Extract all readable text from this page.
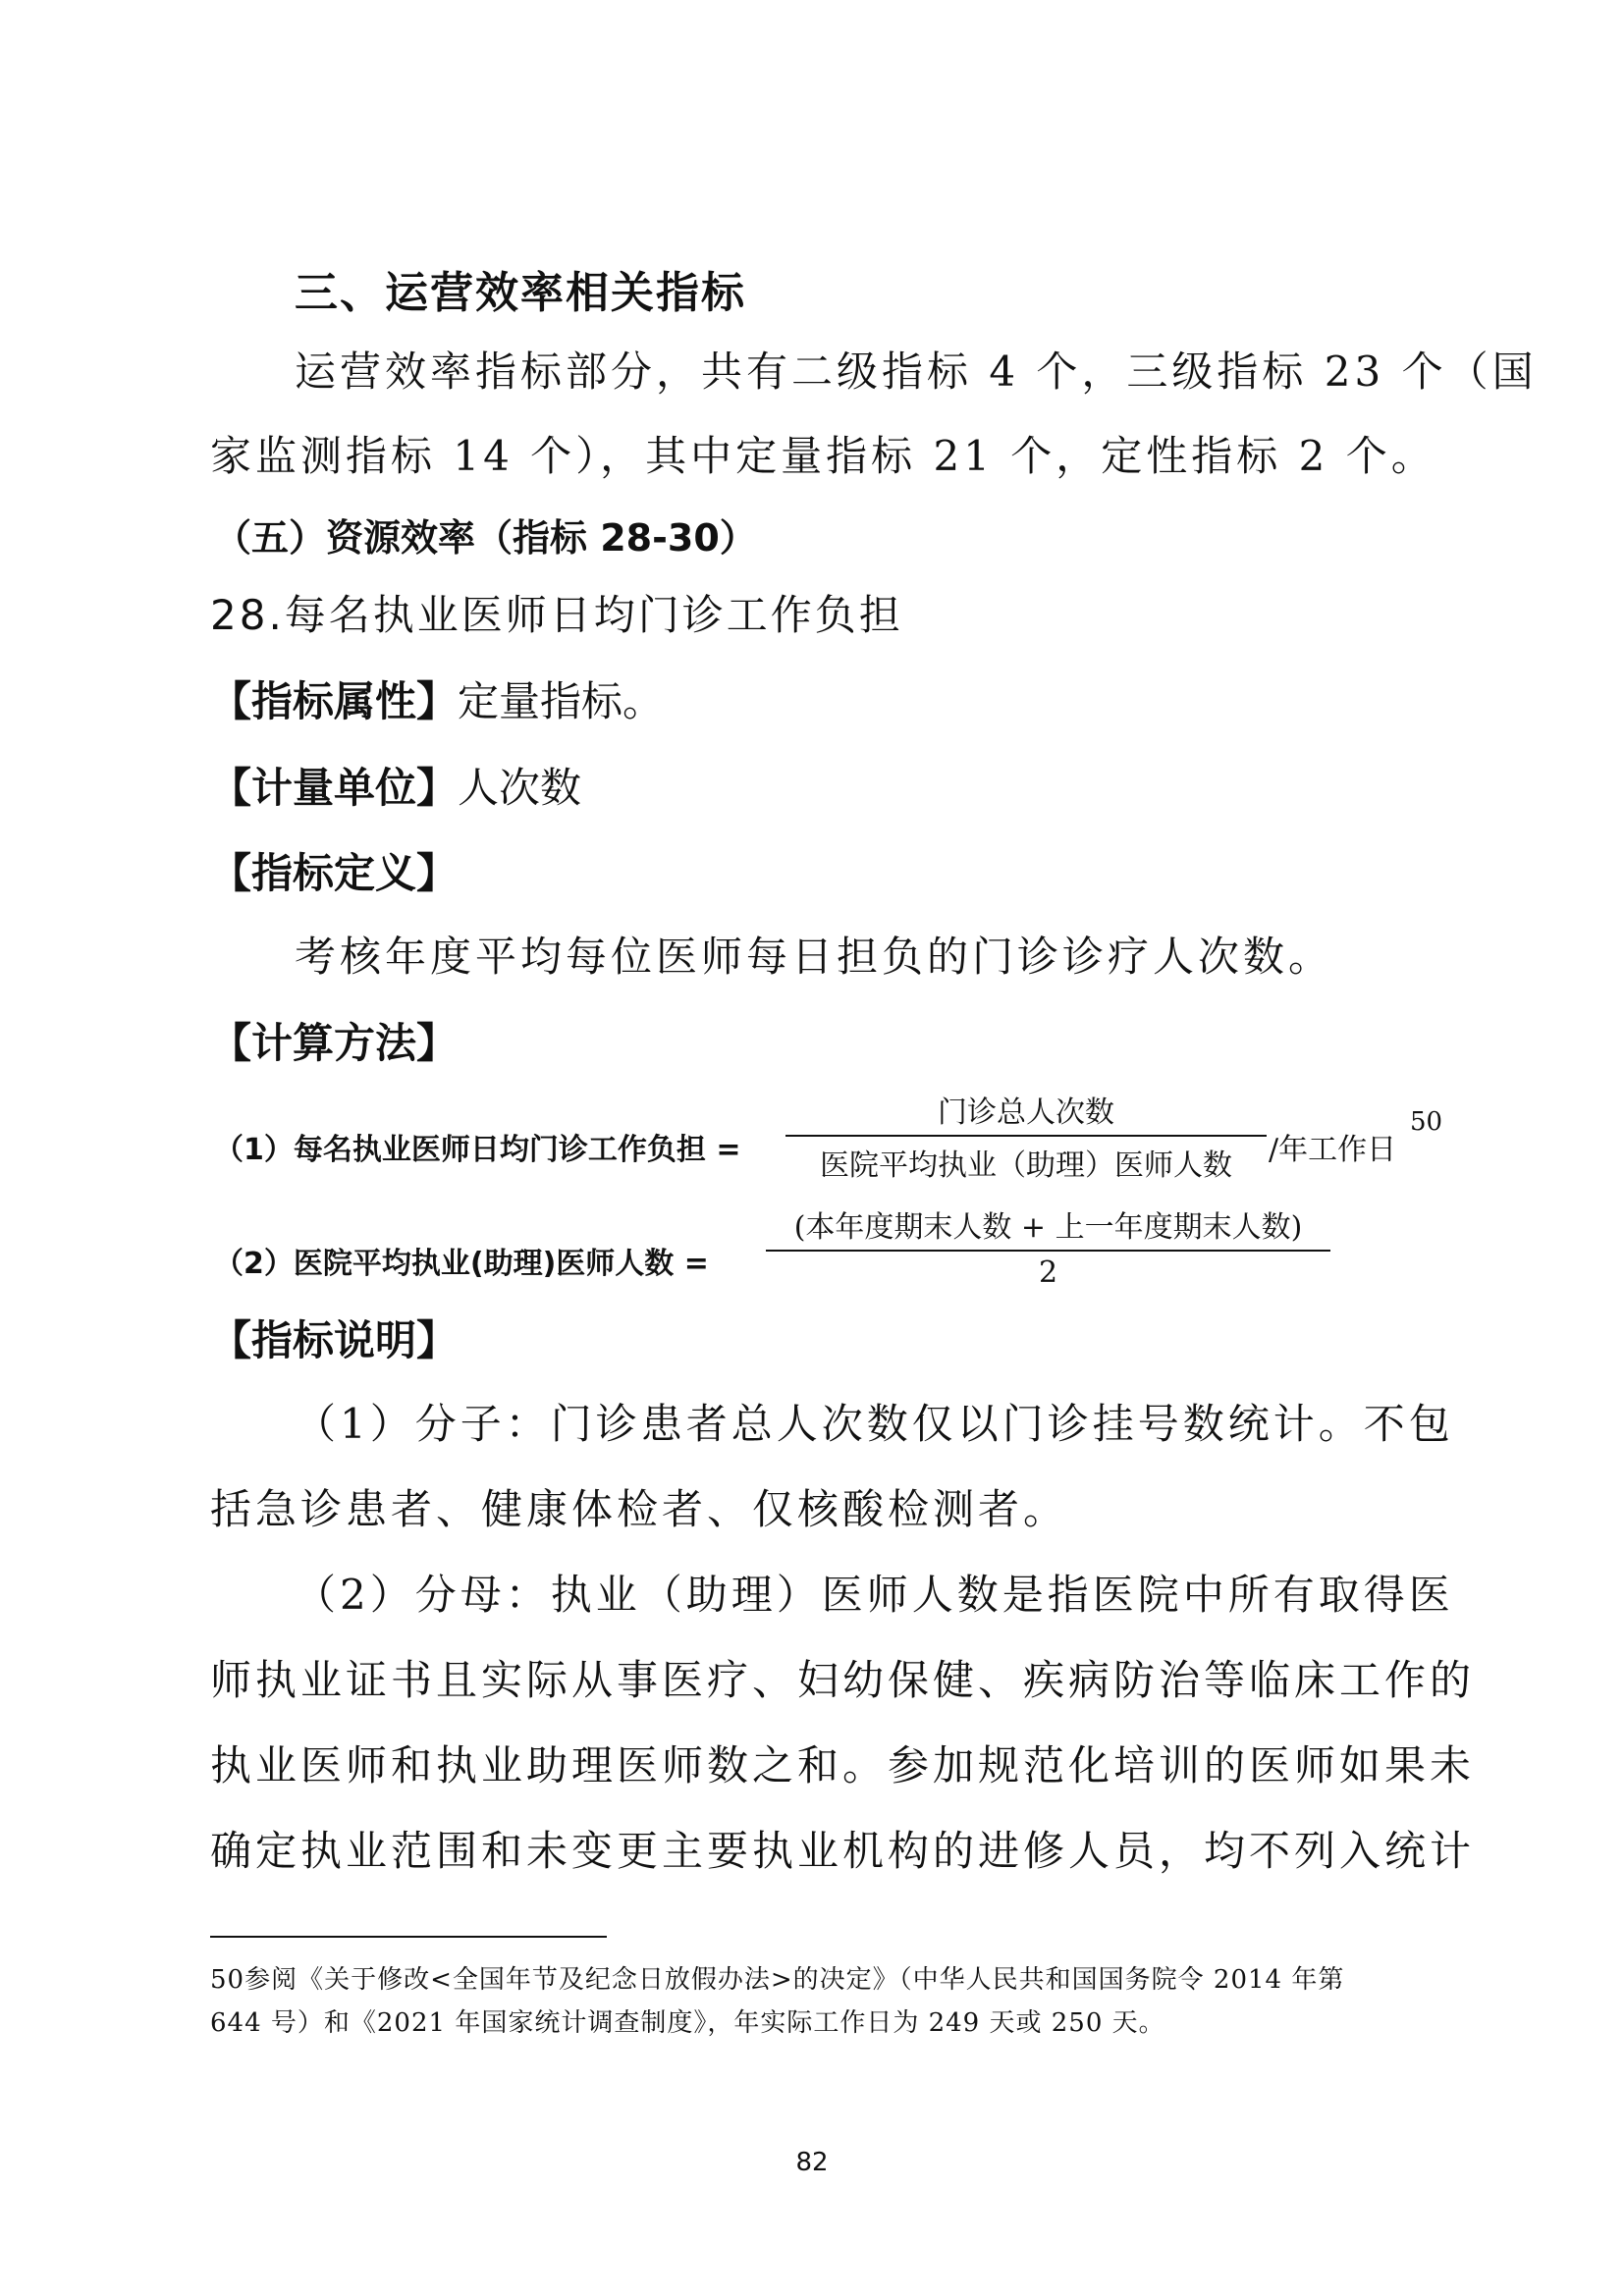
三、运营效率相关指标
运营效率指标部分，共有二级指标 4 个，三级指标 23 个（国
家监测指标 14 个），其中定量指标 21 个，定性指标 2 个。
（五）资源效率（指标 28-30）
28.每名执业医师日均门诊工作负担
【指标属性】定量指标。
【计量单位】人次数
【指标定义】
考核年度平均每位医师每日担负的门诊诊疗人次数。
【计算方法】
（1）每名执业医师日均门诊工作负担 =
门诊总人次数
医院平均执业（助理）医师人数	/年工作日
50
（2）医院平均执业(助理)医师人数 =
(本年度期末人数 + 上一年度期末人数)
2
【指标说明】
（1）分子：门诊患者总人次数仅以门诊挂号数统计。不包
括急诊患者、健康体检者、仅核酸检测者。
（2）分母：执业（助理）医师人数是指医院中所有取得医
师执业证书且实际从事医疗、妇幼保健、疾病防治等临床工作的
执业医师和执业助理医师数之和。参加规范化培训的医师如果未
确定执业范围和未变更主要执业机构的进修人员，均不列入统计
50参阅《关于修改<全国年节及纪念日放假办法>的决定》（中华人民共和国国务院令 2014 年第
644 号）和《2021 年国家统计调查制度》，年实际工作日为 249 天或 250 天。
82
